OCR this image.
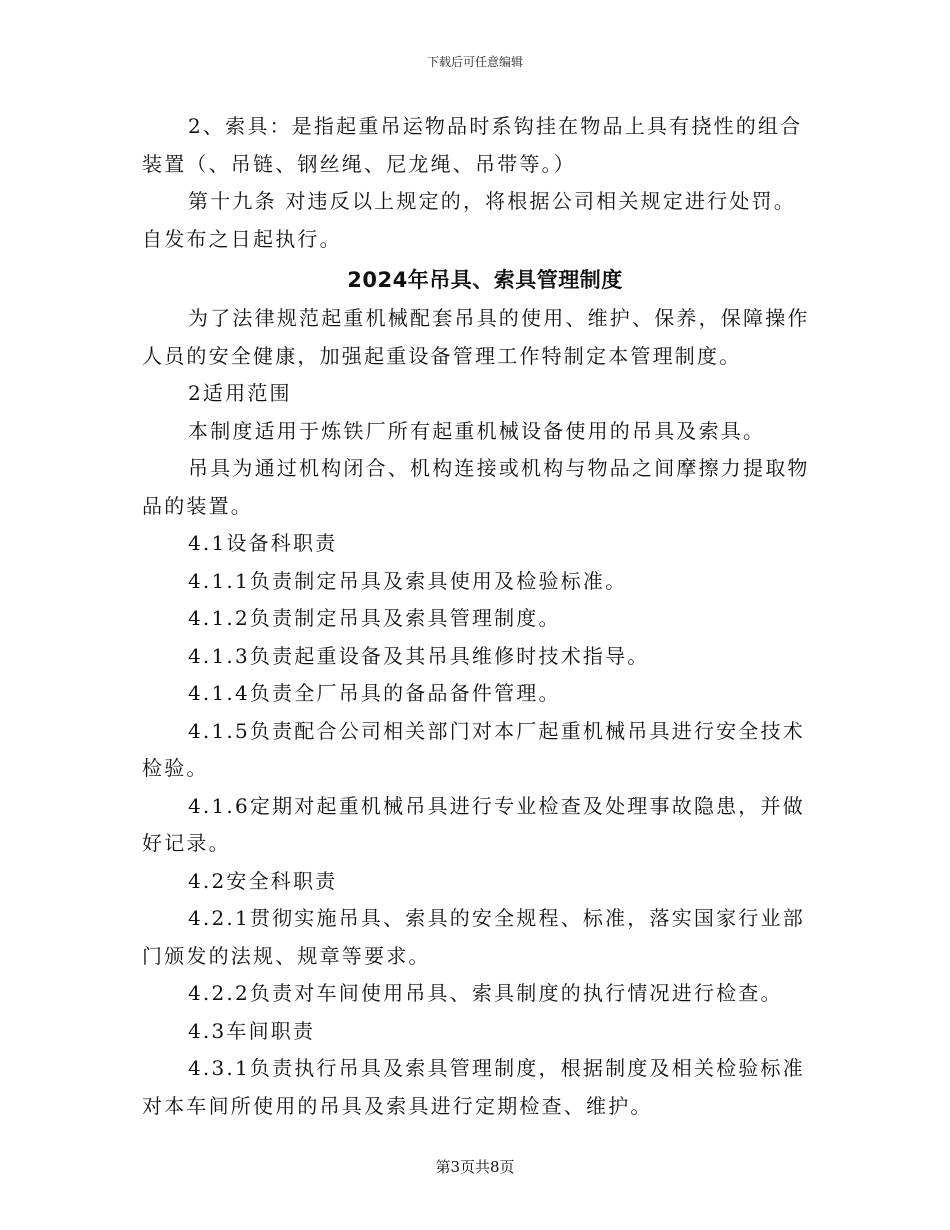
下载后可任意编辑

2、索具：是指起重吊运物品时系钩挂在物品上具有挠性的组合装置（、吊链、钢丝绳、尼龙绳、吊带等。）

第十九条 对违反以上规定的，将根据公司相关规定进行处罚。自发布之日起执行。

2024年吊具、索具管理制度

为了法律规范起重机械配套吊具的使用、维护、保养，保障操作人员的安全健康，加强起重设备管理工作特制定本管理制度。

2适用范围

本制度适用于炼铁厂所有起重机械设备使用的吊具及索具。

吊具为通过机构闭合、机构连接或机构与物品之间摩擦力提取物品的装置。

4.1设备科职责

4.1.1负责制定吊具及索具使用及检验标准。

4.1.2负责制定吊具及索具管理制度。

4.1.3负责起重设备及其吊具维修时技术指导。

4.1.4负责全厂吊具的备品备件管理。

4.1.5负责配合公司相关部门对本厂起重机械吊具进行安全技术检验。

4.1.6定期对起重机械吊具进行专业检查及处理事故隐患，并做好记录。

4.2安全科职责

4.2.1贯彻实施吊具、索具的安全规程、标准，落实国家行业部门颁发的法规、规章等要求。

4.2.2负责对车间使用吊具、索具制度的执行情况进行检查。

4.3车间职责

4.3.1负责执行吊具及索具管理制度，根据制度及相关检验标准对本车间所使用的吊具及索具进行定期检查、维护。

第3页共8页
